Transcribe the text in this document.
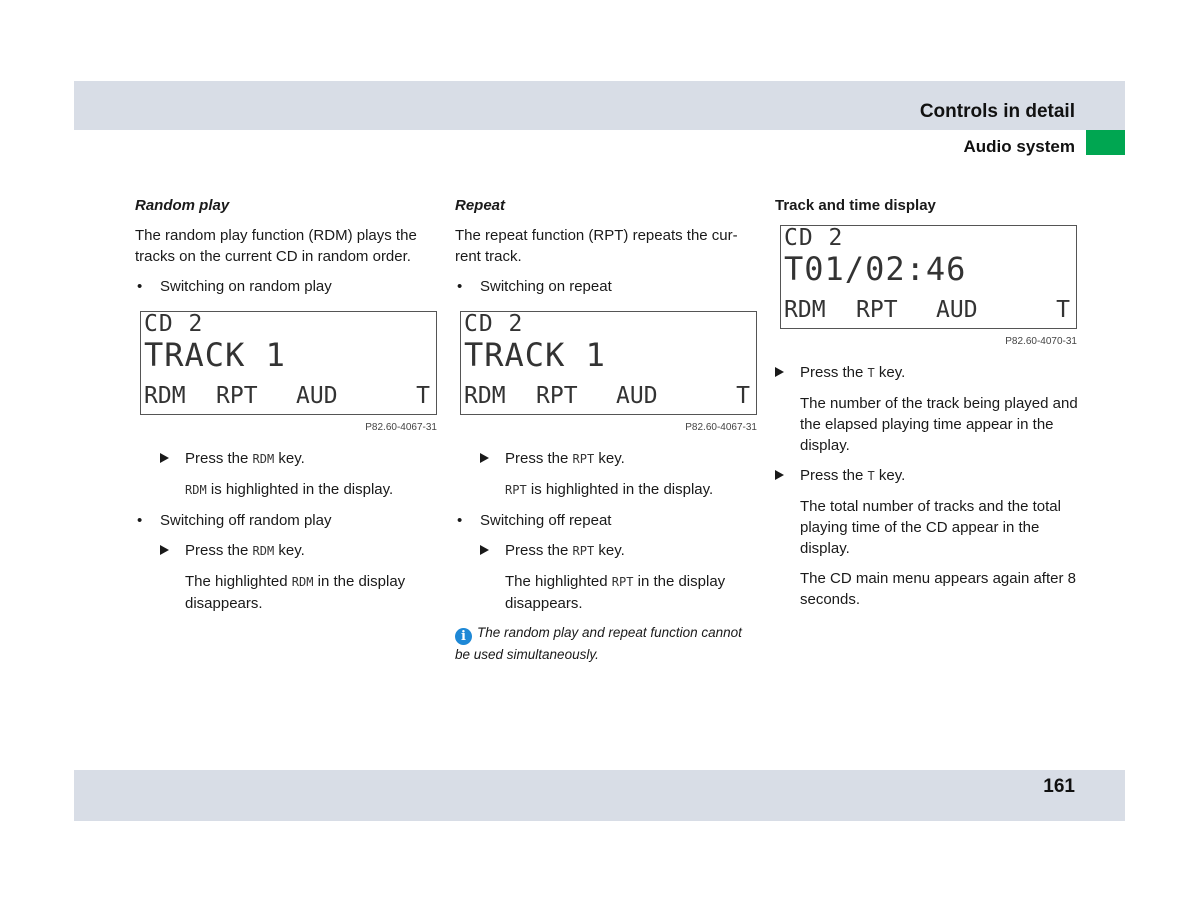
Controls in detail
Audio system

Random play

The random play function (RDM) plays the tracks on the current CD in random order.

• Switching on random play

CD 2
TRACK 1
RDM	RPT	AUD	T
P82.60-4067-31

Press the RDM key.

RDM is highlighted in the display.

• Switching off random play

Press the RDM key.

The highlighted RDM in the display disappears.

Repeat

The repeat function (RPT) repeats the cur-rent track.

• Switching on repeat

CD 2
TRACK 1
RDM	RPT	AUD	T
P82.60-4067-31

Press the RPT key.

RPT is highlighted in the display.

• Switching off repeat

Press the RPT key.

The highlighted RPT in the display disappears.

i The random play and repeat function cannot be used simultaneously.

Track and time display

CD 2
T01/02:46
RDM	RPT	AUD	T
P82.60-4070-31

Press the T key.

The number of the track being played and the elapsed playing time appear in the display.

Press the T key.

The total number of tracks and the total playing time of the CD appear in the display.

The CD main menu appears again after 8 seconds.

161
